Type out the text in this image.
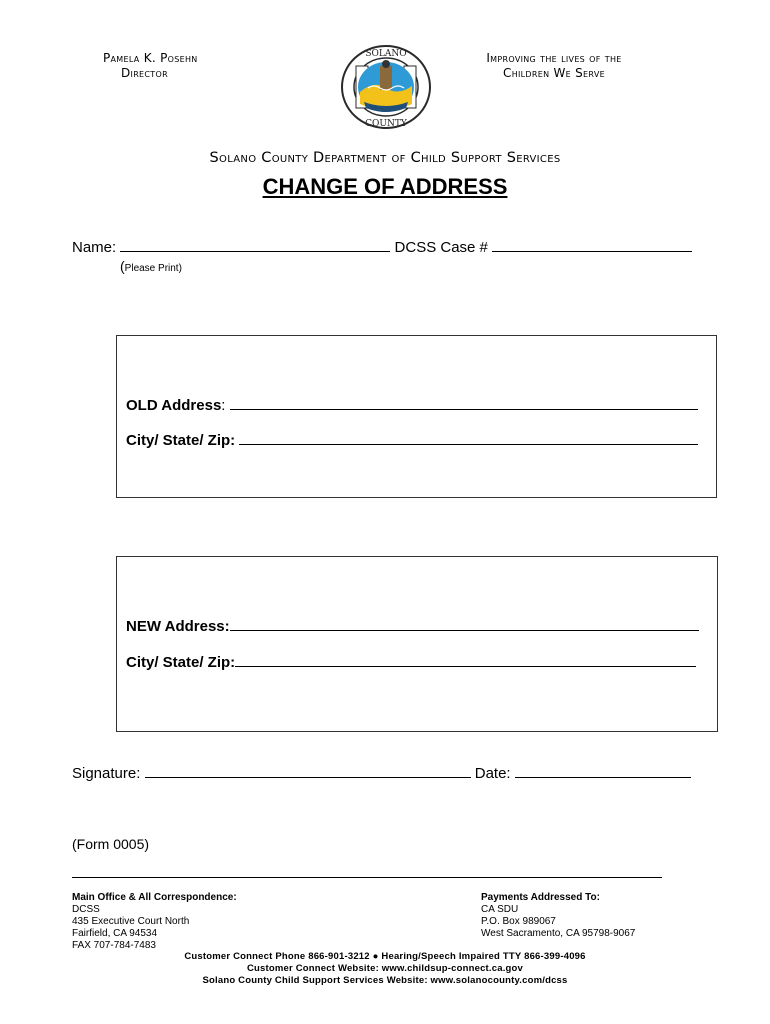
Pamela K. Posehn
Director
SOLANO
COUNTY
Improving the lives of the
Children We Serve
Solano County Department of Child Support Services
CHANGE OF ADDRESS
Name:	DCSS Case #
(Please Print)
OLD Address:
City/ State/ Zip:
NEW Address:
City/ State/ Zip:
Signature:	Date:
(Form 0005)
Main Office & All Correspondence:
DCSS
435 Executive Court North
Fairfield, CA 94534
FAX 707-784-7483
Payments Addressed To:
CA SDU
P.O. Box 989067
West Sacramento, CA 95798-9067
Customer Connect Phone 866-901-3212 ● Hearing/Speech Impaired TTY 866-399-4096
Customer Connect Website: www.childsup-connect.ca.gov
Solano County Child Support Services Website: www.solanocounty.com/dcss
